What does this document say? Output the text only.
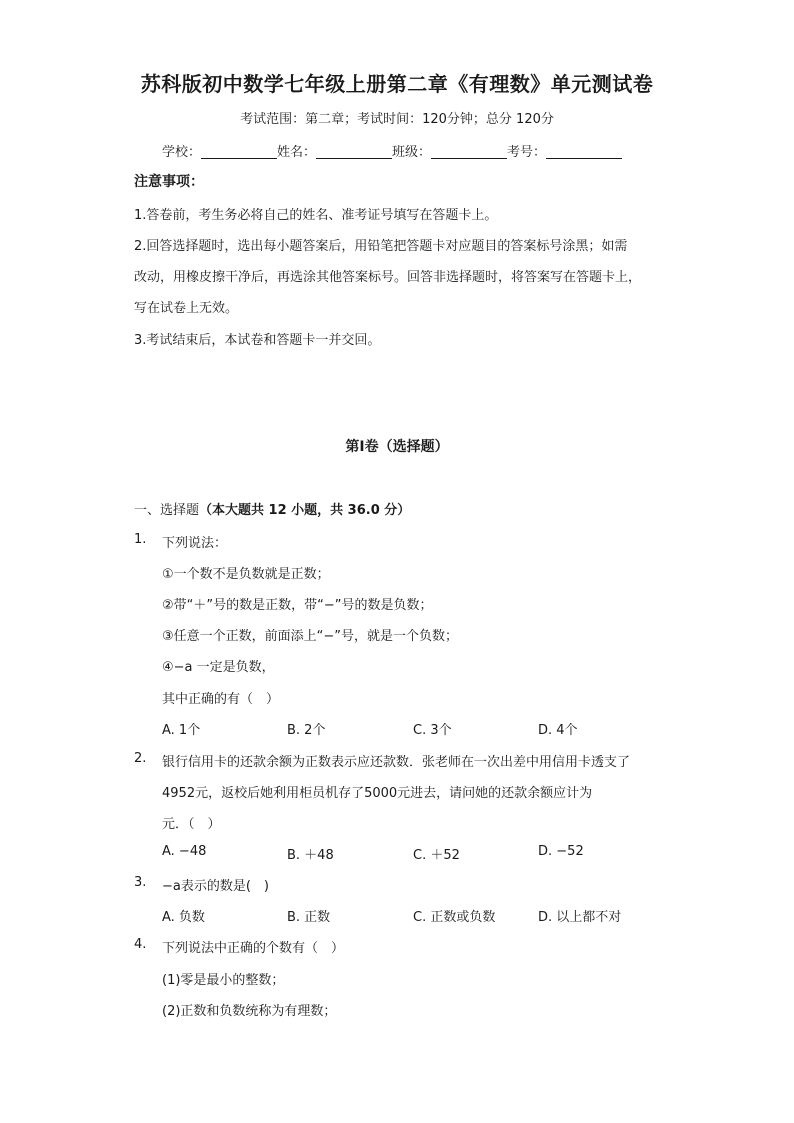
苏科版初中数学七年级上册第二章《有理数》单元测试卷
考试范围：第二章；考试时间：120分钟；总分 120分
学校：	姓名：	班级：	考号：
注意事项：
1.答卷前，考生务必将自己的姓名、准考证号填写在答题卡上。
2.回答选择题时，选出每小题答案后，用铅笔把答题卡对应题目的答案标号涂黑；如需
改动，用橡皮擦干净后，再选涂其他答案标号。回答非选择题时，将答案写在答题卡上，
写在试卷上无效。
3.考试结束后，本试卷和答题卡一并交回。
第Ⅰ卷（选择题）
一、选择题（本大题共 12 小题，共 36.0 分）
1. 下列说法：
①一个数不是负数就是正数；
②带“＋”号的数是正数，带“−”号的数是负数；
③任意一个正数，前面添上“−”号，就是一个负数；
④−a 一定是负数，
其中正确的有（　）
A. 1个	B. 2个	C. 3个	D. 4个
2. 银行信用卡的还款余额为正数表示应还款数．张老师在一次出差中用信用卡透支了
4952元，返校后她利用柜员机存了5000元进去，请问她的还款余额应计为
元．（　）
A. −48	B. ＋48	C. ＋52	D. −52
3. −a表示的数是(　)
A. 负数	B. 正数	C. 正数或负数	D. 以上都不对
4. 下列说法中正确的个数有（　）
(1)零是最小的整数；
(2)正数和负数统称为有理数；
